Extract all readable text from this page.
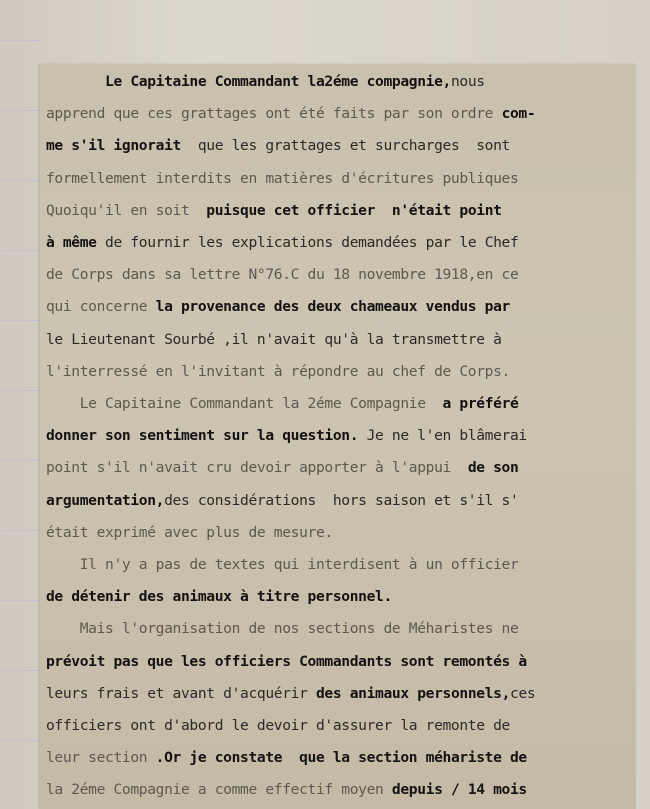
Le Capitaine Commandant la2éme compagnie,nous
apprend que ces grattages ont été faits par son ordre com-
me s'il ignorait  que les grattages et surcharges  sont
formellement interdits en matières d'écritures publiques
Quoiqu'il en soit  puisque cet officier  n'était point
à même de fournir les explications demandées par le Chef
de Corps dans sa lettre N°76.C du 18 novembre 1918,en ce
qui concerne la provenance des deux chameaux vendus par
le Lieutenant Sourbé ,il n'avait qu'à la transmettre à
l'interressé en l'invitant à répondre au chef de Corps.
Le Capitaine Commandant la 2éme Compagnie  a préféré
donner son sentiment sur la question. Je ne l'en blâmerai
point s'il n'avait cru devoir apporter à l'appui  de son
argumentation,des considérations  hors saison et s'il s'
était exprimé avec plus de mesure.
Il n'y a pas de textes qui interdisent à un officier
de détenir des animaux à titre personnel.
Mais l'organisation de nos sections de Méharistes ne
prévoit pas que les officiers Commandants sont remontés à
leurs frais et avant d'acquérir des animaux personnels,ces
officiers ont d'abord le devoir d'assurer la remonte de
leur section .Or je constate  que la section méhariste de
la 2éme Compagnie a comme effectif moyen depuis / 14 mois
